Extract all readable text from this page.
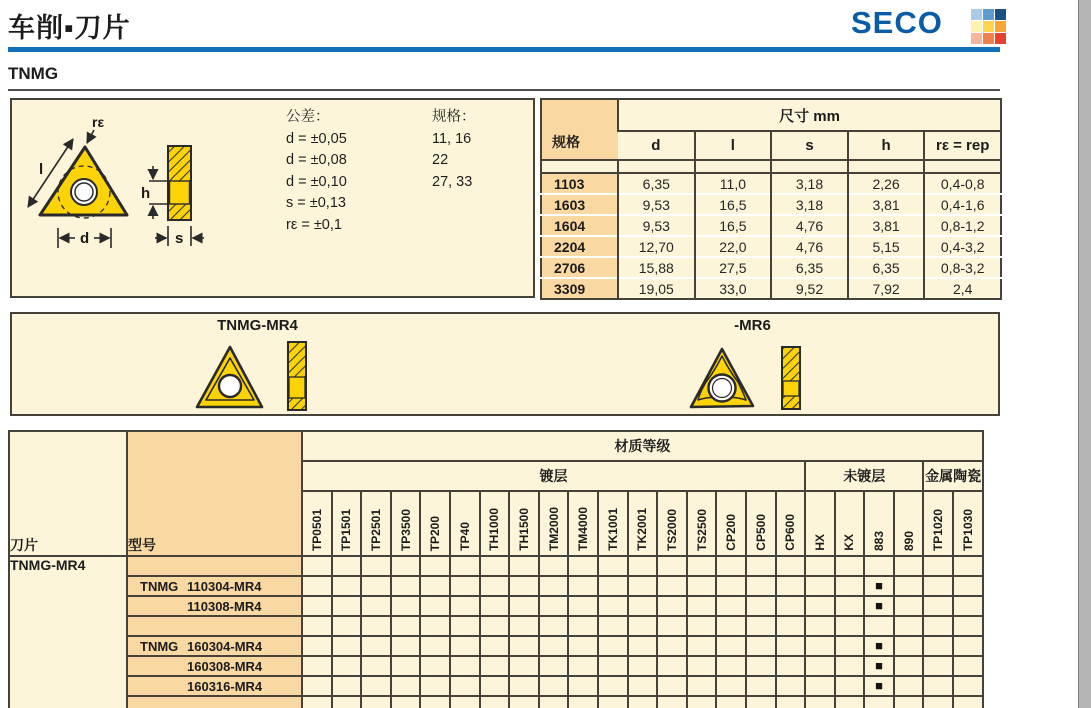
车削▪刀片	SECO
TNMG
rε
l
d
h
s
公差：
d = ±0,05
d = ±0,08
d = ±0,10
s = ±0,13
rε = ±0,1
规格：
11, 16
22
27, 33
规格	尺寸 mm				
	d	l	s	h	rε = rep

1103	6,35	11,0	3,18	2,26	0,4-0,8
1603	9,53	16,5	3,18	3,81	0,4-1,6
1604	9,53	16,5	4,76	3,81	0,8-1,2
2204	12,70	22,0	4,76	5,15	0,4-3,2
2706	15,88	27,5	6,35	6,35	0,8-3,2
3309	19,05	33,0	9,52	7,92	2,4
TNMG-MR4	-MR6
刀片	型号	材质等级																						
		镀层																	未镀层				金属陶瓷	

		TP0501	TP1501	TP2501	TP3500	TP200	TP40	TH1000	TH1500	TM2000	TM4000	TK1001	TK2001	TS2000	TS2500	CP200	CP500	CP600	HX	KX	883	890	TP1020	TP1030

TNMG-MR4																								
	TNMG 110304-MR4																				■			
	110308-MR4																				■			

	TNMG 160304-MR4																				■			
	160308-MR4																				■			
	160316-MR4																				■			
